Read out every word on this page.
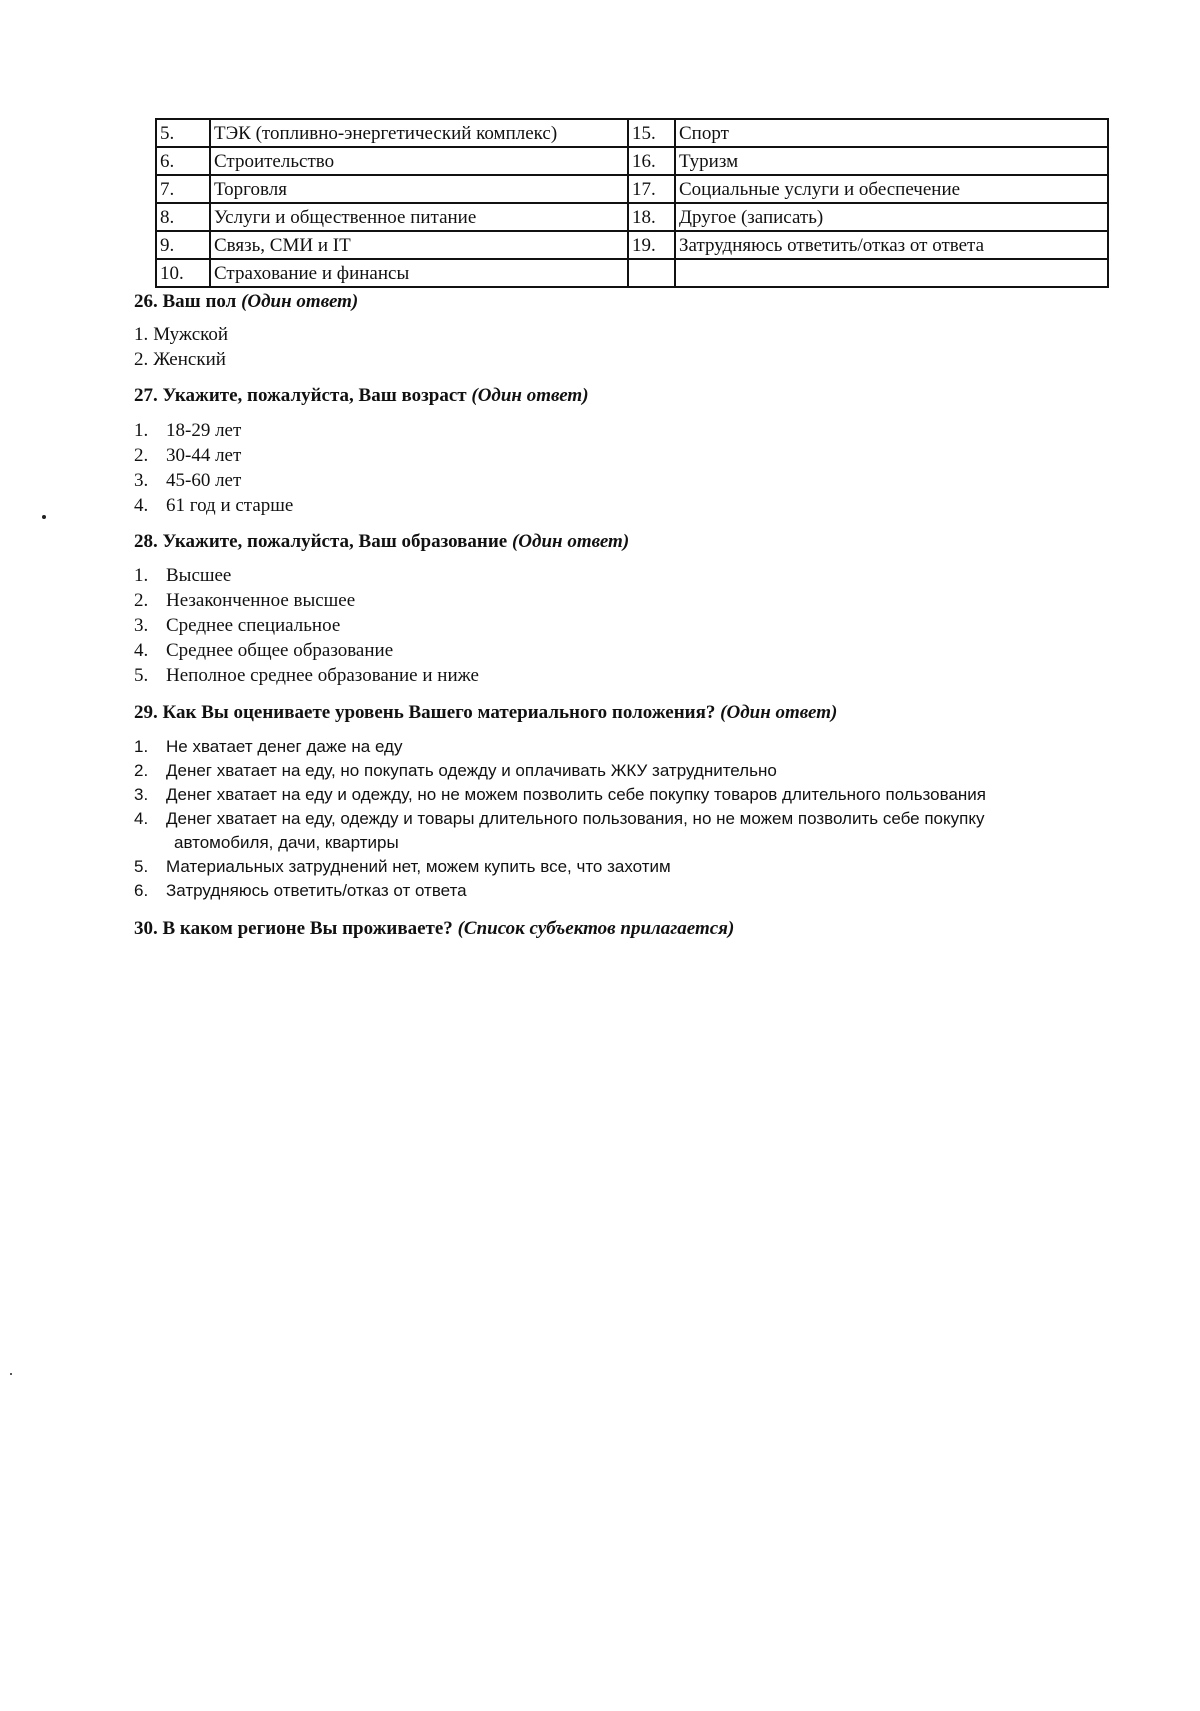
5.	ТЭК (топливно-энергетический комплекс)	15.	Спорт
6.	Строительство	16.	Туризм
7.	Торговля	17.	Социальные услуги и обеспечение
8.	Услуги и общественное питание	18.	Другое (записать)
9.	Связь, СМИ и IT	19.	Затрудняюсь ответить/отказ от ответа
10.	Страхование и финансы		
26. Ваш пол (Один ответ)
1. Мужской
2. Женский
27. Укажите, пожалуйста, Ваш возраст (Один ответ)
1. 18-29 лет
2. 30-44 лет
3. 45-60 лет
4. 61 год и старше
28. Укажите, пожалуйста, Ваш образование (Один ответ)
1. Высшее
2. Незаконченное высшее
3. Среднее специальное
4. Среднее общее образование
5. Неполное среднее образование и ниже
29. Как Вы оцениваете уровень Вашего материального положения? (Один ответ)
1. Не хватает денег даже на еду
2. Денег хватает на еду, но покупать одежду и оплачивать ЖКУ затруднительно
3. Денег хватает на еду и одежду, но не можем позволить себе покупку товаров длительного пользования
4. Денег хватает на еду, одежду и товары длительного пользования, но не можем позволить себе покупку
автомобиля, дачи, квартиры
5. Материальных затруднений нет, можем купить все, что захотим
6. Затрудняюсь ответить/отказ от ответа
30. В каком регионе Вы проживаете? (Список субъектов прилагается)
